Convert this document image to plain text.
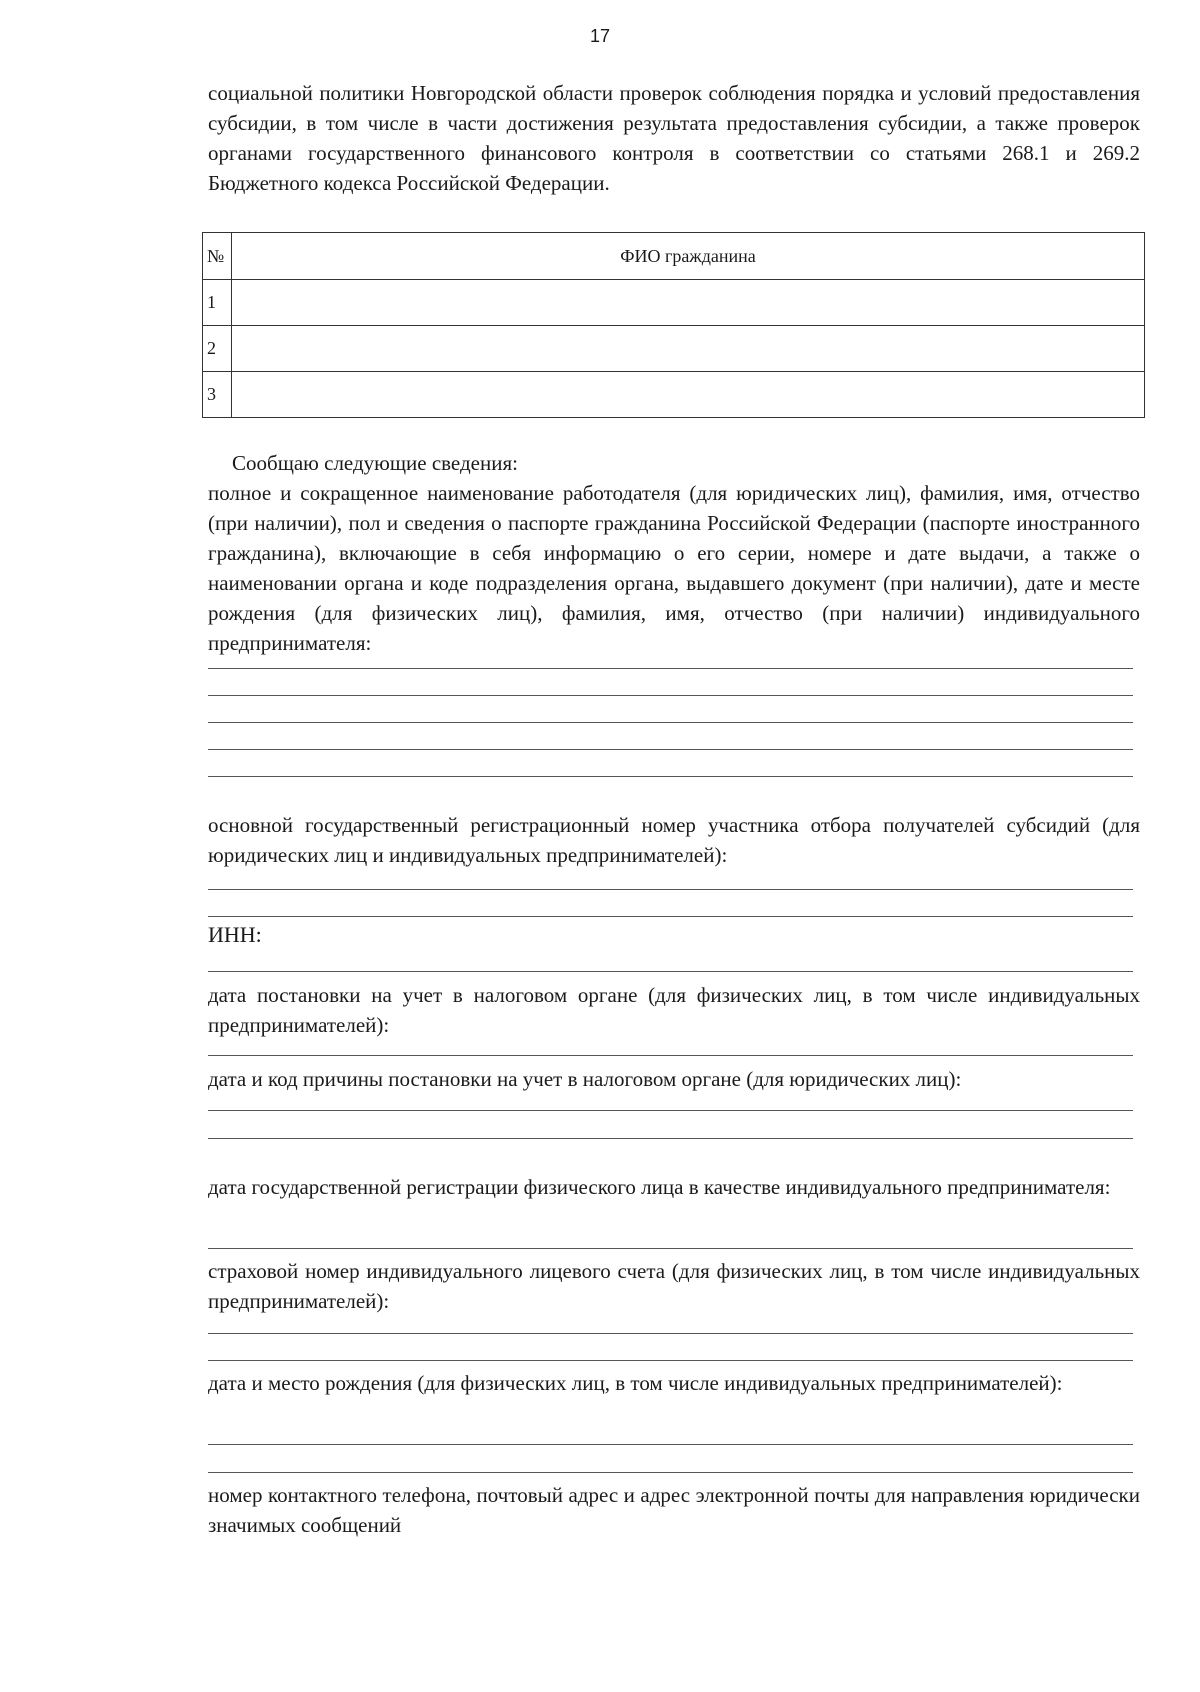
17

социальной политики Новгородской области проверок соблюдения порядка и условий предоставления субсидии, в том числе в части достижения результата предоставления субсидии, а также проверок органами государственного финансового контроля в соответствии со статьями 268.1 и 269.2 Бюджетного кодекса Российской Федерации.

№	ФИО гражданина
1	
2	
3	
Сообщаю следующие сведения:
полное и сокращенное наименование работодателя (для юридических лиц), фамилия, имя, отчество (при наличии), пол и сведения о паспорте гражданина Российской Федерации (паспорте иностранного гражданина), включающие в себя информацию о его серии, номере и дате выдачи, а также о наименовании органа и коде подразделения органа, выдавшего документ (при наличии), дате и месте рождения (для физических лиц), фамилия, имя, отчество (при наличии) индивидуального предпринимателя:
основной государственный регистрационный номер участника отбора получателей субсидий (для юридических лиц и индивидуальных предпринимателей):
ИНН:
дата постановки на учет в налоговом органе (для физических лиц, в том числе индивидуальных предпринимателей):
дата и код причины постановки на учет в налоговом органе (для юридических лиц):
дата государственной регистрации физического лица в качестве индивидуального предпринимателя:
страховой номер индивидуального лицевого счета (для физических лиц, в том числе индивидуальных предпринимателей):
дата и место рождения (для физических лиц, в том числе индивидуальных предпринимателей):
номер контактного телефона, почтовый адрес и адрес электронной почты для направления юридически значимых сообщений
